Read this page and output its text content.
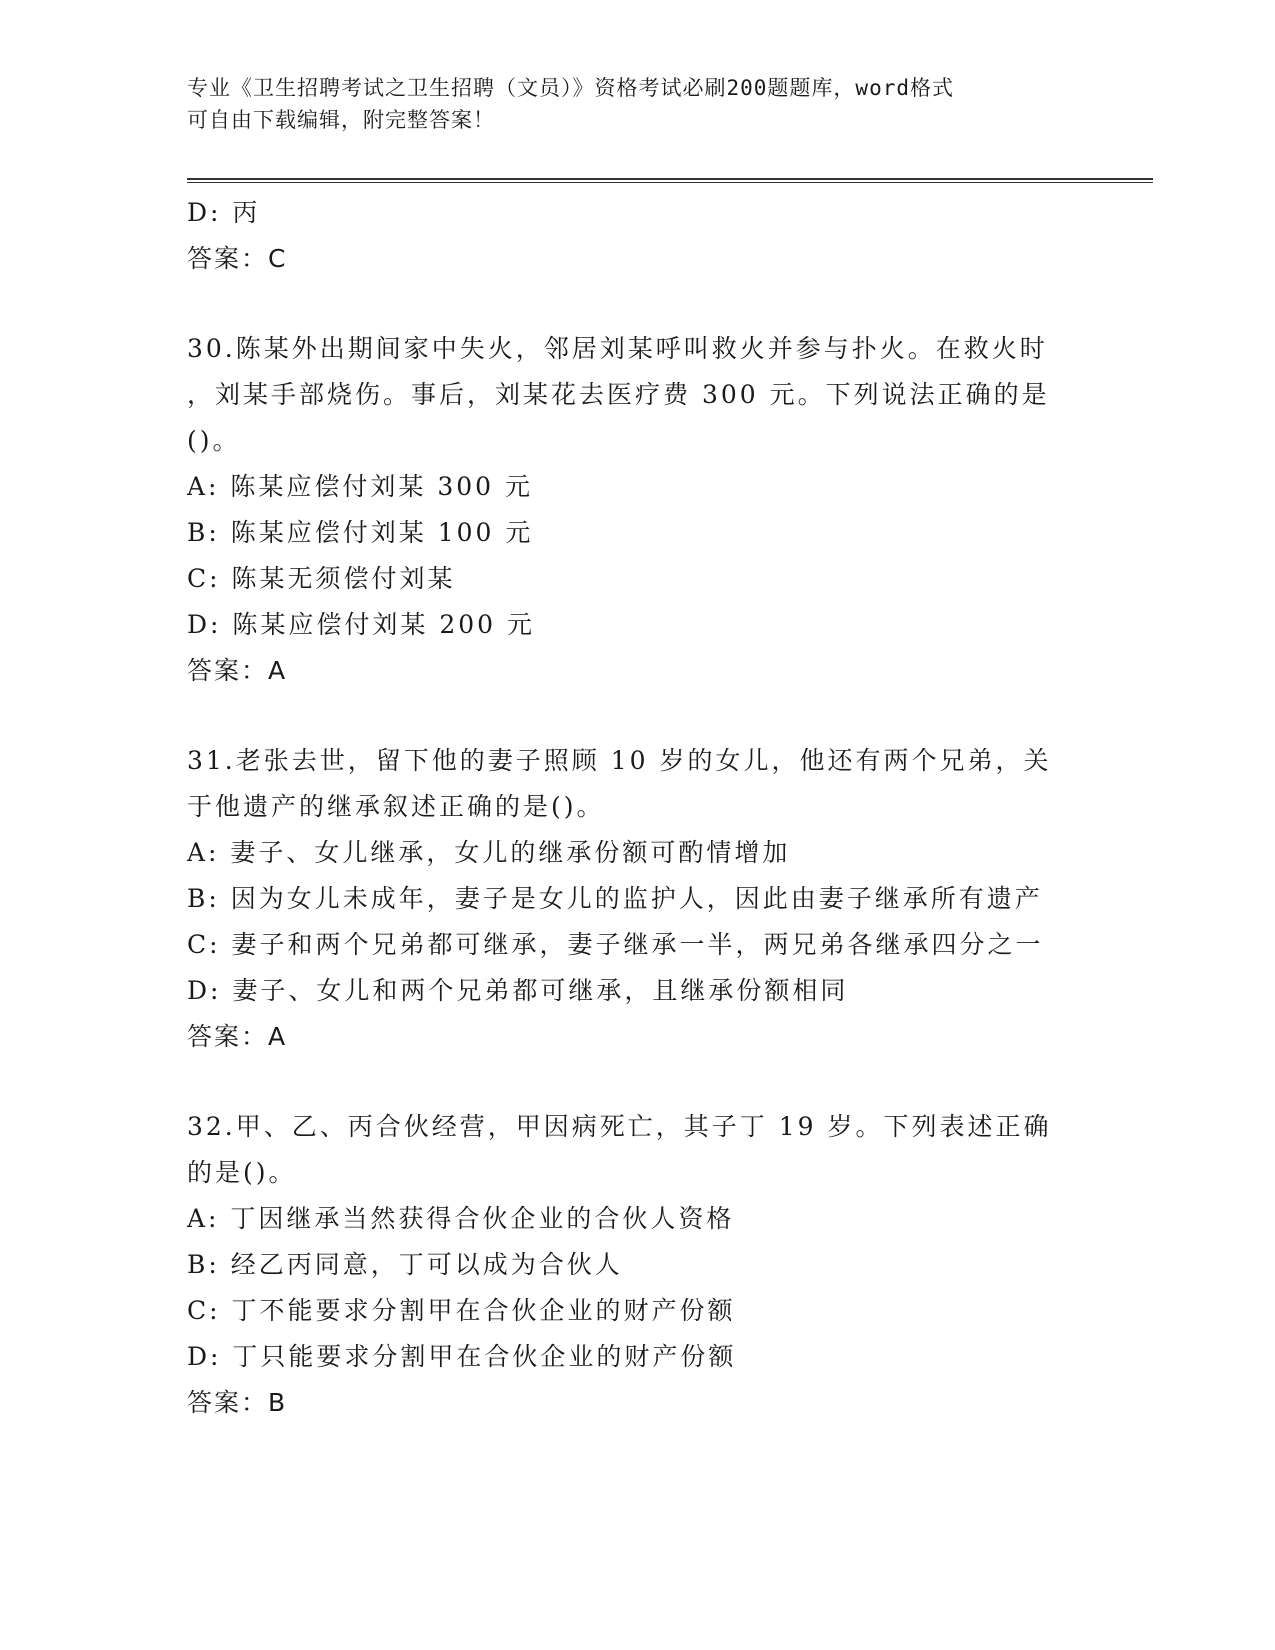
专业《卫生招聘考试之卫生招聘（文员）》资格考试必刷200题题库，word格式
可自由下载编辑，附完整答案！
D: 丙
答案：C
30.陈某外出期间家中失火，邻居刘某呼叫救火并参与扑火。在救火时
，刘某手部烧伤。事后，刘某花去医疗费 300 元。下列说法正确的是
()。
A: 陈某应偿付刘某 300 元
B: 陈某应偿付刘某 100 元
C: 陈某无须偿付刘某
D: 陈某应偿付刘某 200 元
答案：A
31.老张去世，留下他的妻子照顾 10 岁的女儿，他还有两个兄弟，关
于他遗产的继承叙述正确的是()。
A: 妻子、女儿继承，女儿的继承份额可酌情增加
B: 因为女儿未成年，妻子是女儿的监护人，因此由妻子继承所有遗产
C: 妻子和两个兄弟都可继承，妻子继承一半，两兄弟各继承四分之一
D: 妻子、女儿和两个兄弟都可继承，且继承份额相同
答案：A
32.甲、乙、丙合伙经营，甲因病死亡，其子丁 19 岁。下列表述正确
的是()。
A: 丁因继承当然获得合伙企业的合伙人资格
B: 经乙丙同意，丁可以成为合伙人
C: 丁不能要求分割甲在合伙企业的财产份额
D: 丁只能要求分割甲在合伙企业的财产份额
答案：B
